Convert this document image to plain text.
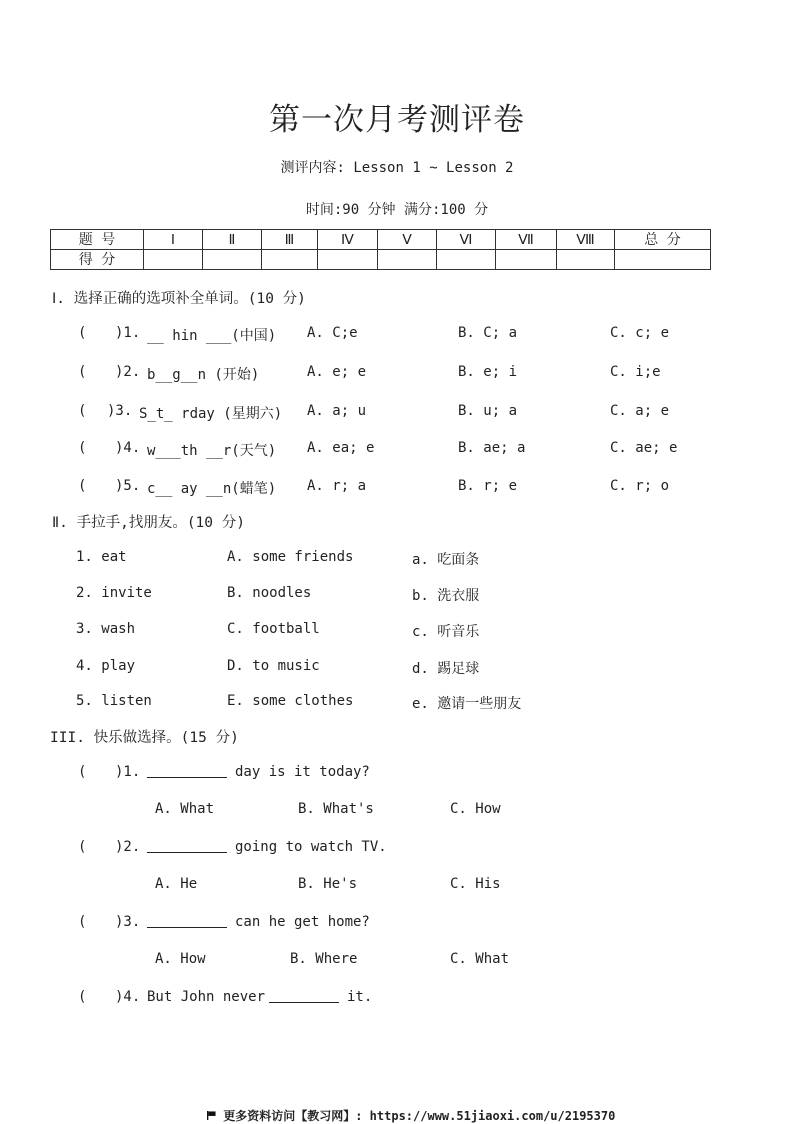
第一次月考测评卷
测评内容: Lesson 1 ~ Lesson 2
时间:90 分钟 满分:100 分
题 号	Ⅰ	Ⅱ	Ⅲ	Ⅳ	Ⅴ	Ⅵ	Ⅶ	Ⅷ	总 分
得 分									
Ⅰ. 选择正确的选项补全单词。(10 分)
( )1. __ hin ___(中国) A. C;e	B. C; a	C. c; e
( )2. b__g__n (开始)	A. e; e	B. e; i	C. i;e
( )3. S_t_ rday (星期六) A. a; u	B. u; a	C. a; e
( )4. w___th __r(天气) A. ea; e	B. ae; a	C. ae; e
( )5. c__ ay __n(蜡笔) A. r; a	B. r; e	C. r; o
Ⅱ. 手拉手,找朋友。(10 分)
1. eat	A. some friends	a. 吃面条
2. invite	B. noodles	b. 洗衣服
3. wash	C. football	c. 听音乐
4. play	D. to music	d. 踢足球
5. listen	E. some clothes	e. 邀请一些朋友
III. 快乐做选择。(15 分)
( )1.	day is it today?
A. What	B. What's	C. How
( )2.	going to watch TV.
A. He	B. He's	C. His
( )3.	can he get home?
A. How	B. Where	C. What
( )4. But John never	it.
更多资料访问【教习网】: https://www.51jiaoxi.com/u/2195370
